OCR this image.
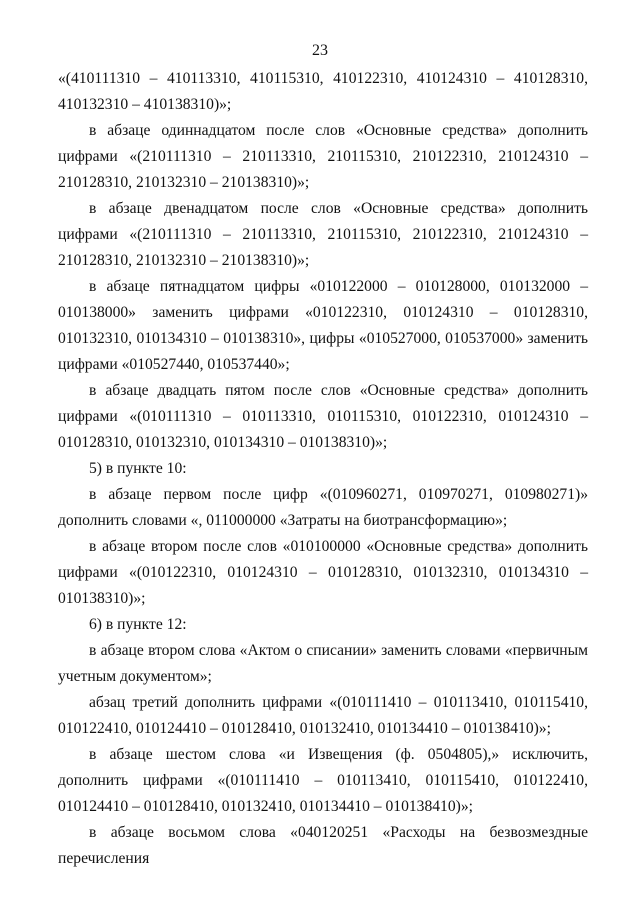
23

«(410111310 – 410113310, 410115310, 410122310, 410124310 – 410128310, 410132310 – 410138310)»;

в абзаце одиннадцатом после слов «Основные средства» дополнить цифрами «(210111310 – 210113310, 210115310, 210122310, 210124310 – 210128310, 210132310 – 210138310)»;

в абзаце двенадцатом после слов «Основные средства» дополнить цифрами «(210111310 – 210113310, 210115310, 210122310, 210124310 – 210128310, 210132310 – 210138310)»;

в абзаце пятнадцатом цифры «010122000 – 010128000, 010132000 – 010138000» заменить цифрами «010122310, 010124310 – 010128310, 010132310, 010134310 – 010138310», цифры «010527000, 010537000» заменить цифрами «010527440, 010537440»;

в абзаце двадцать пятом после слов «Основные средства» дополнить цифрами «(010111310 – 010113310, 010115310, 010122310, 010124310 – 010128310, 010132310, 010134310 – 010138310)»;

5) в пункте 10:

в абзаце первом после цифр «(010960271, 010970271, 010980271)» дополнить словами «, 011000000 «Затраты на биотрансформацию»;

в абзаце втором после слов «010100000 «Основные средства» дополнить цифрами «(010122310, 010124310 – 010128310, 010132310, 010134310 – 010138310)»;

6) в пункте 12:

в абзаце втором слова «Актом о списании» заменить словами «первичным учетным документом»;

абзац третий дополнить цифрами «(010111410 – 010113410, 010115410, 010122410, 010124410 – 010128410, 010132410, 010134410 – 010138410)»;

в абзаце шестом слова «и Извещения (ф. 0504805),» исключить, дополнить цифрами «(010111410 – 010113410, 010115410, 010122410, 010124410 – 010128410, 010132410, 010134410 – 010138410)»;

в абзаце восьмом слова «040120251 «Расходы на безвозмездные перечисления
